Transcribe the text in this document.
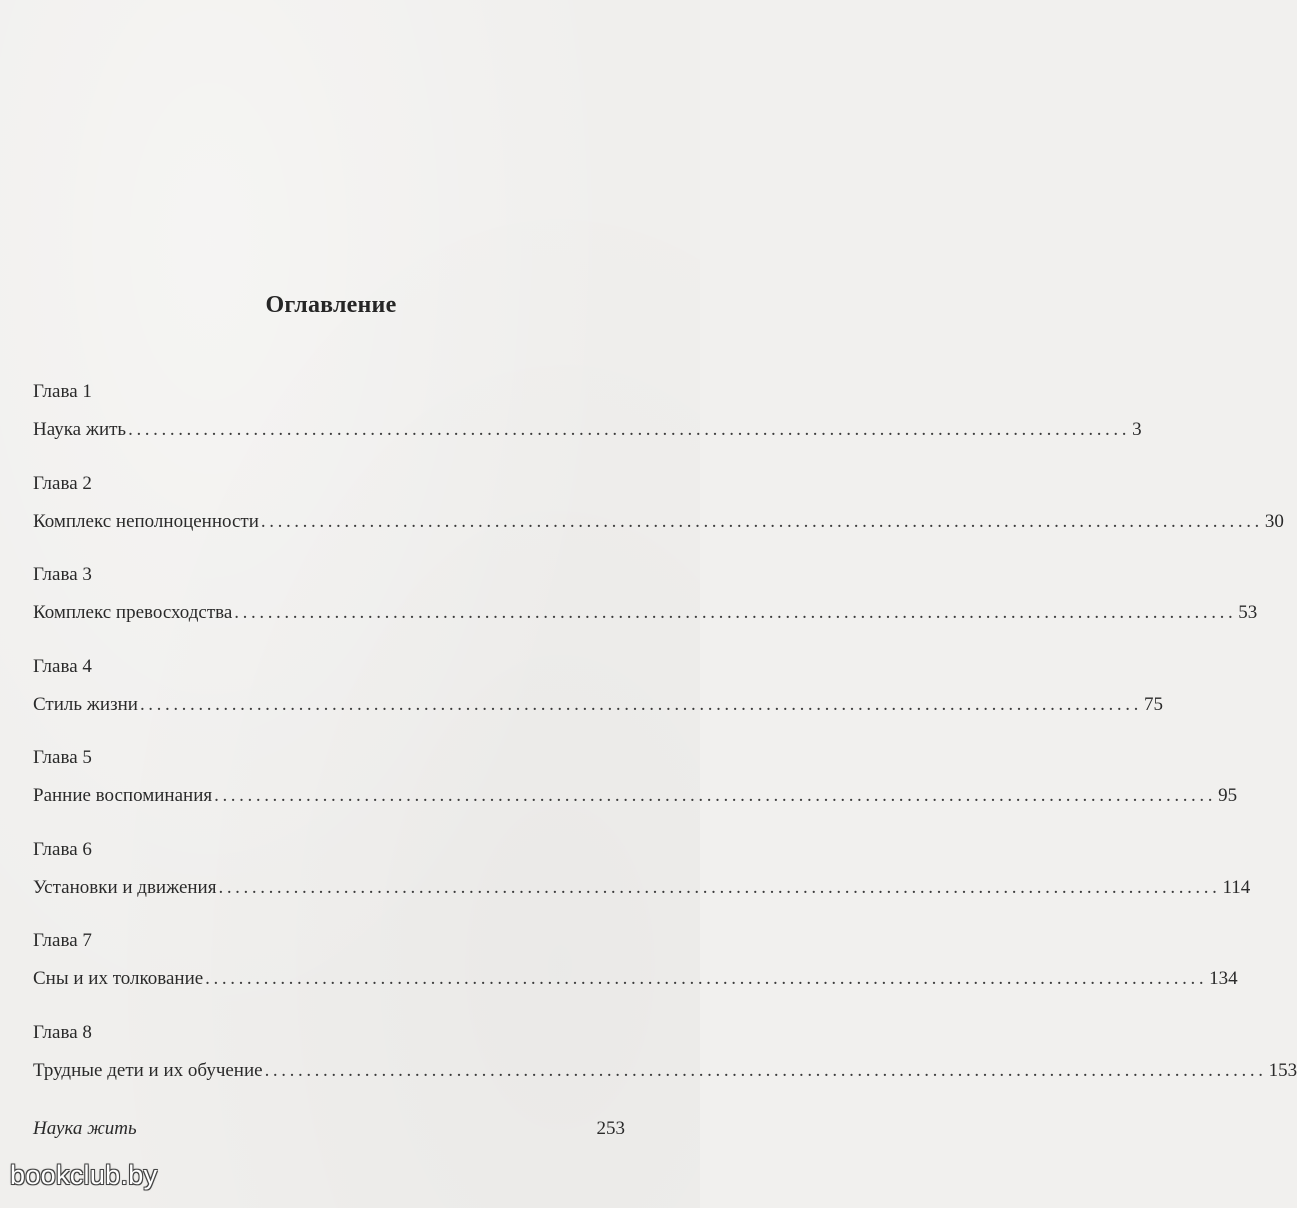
Оглавление
Глава 1
Наука жить ........................................................................................................................ 3
Глава 2
Комплекс неполноценности ........................................................................................................................ 30
Глава 3
Комплекс превосходства ........................................................................................................................ 53
Глава 4
Стиль жизни ........................................................................................................................ 75
Глава 5
Ранние воспоминания ........................................................................................................................ 95
Глава 6
Установки и движения ........................................................................................................................ 114
Глава 7
Сны и их толкование ........................................................................................................................ 134
Глава 8
Трудные дети и их обучение ........................................................................................................................ 153
Наука жить	253
bookclub.by
